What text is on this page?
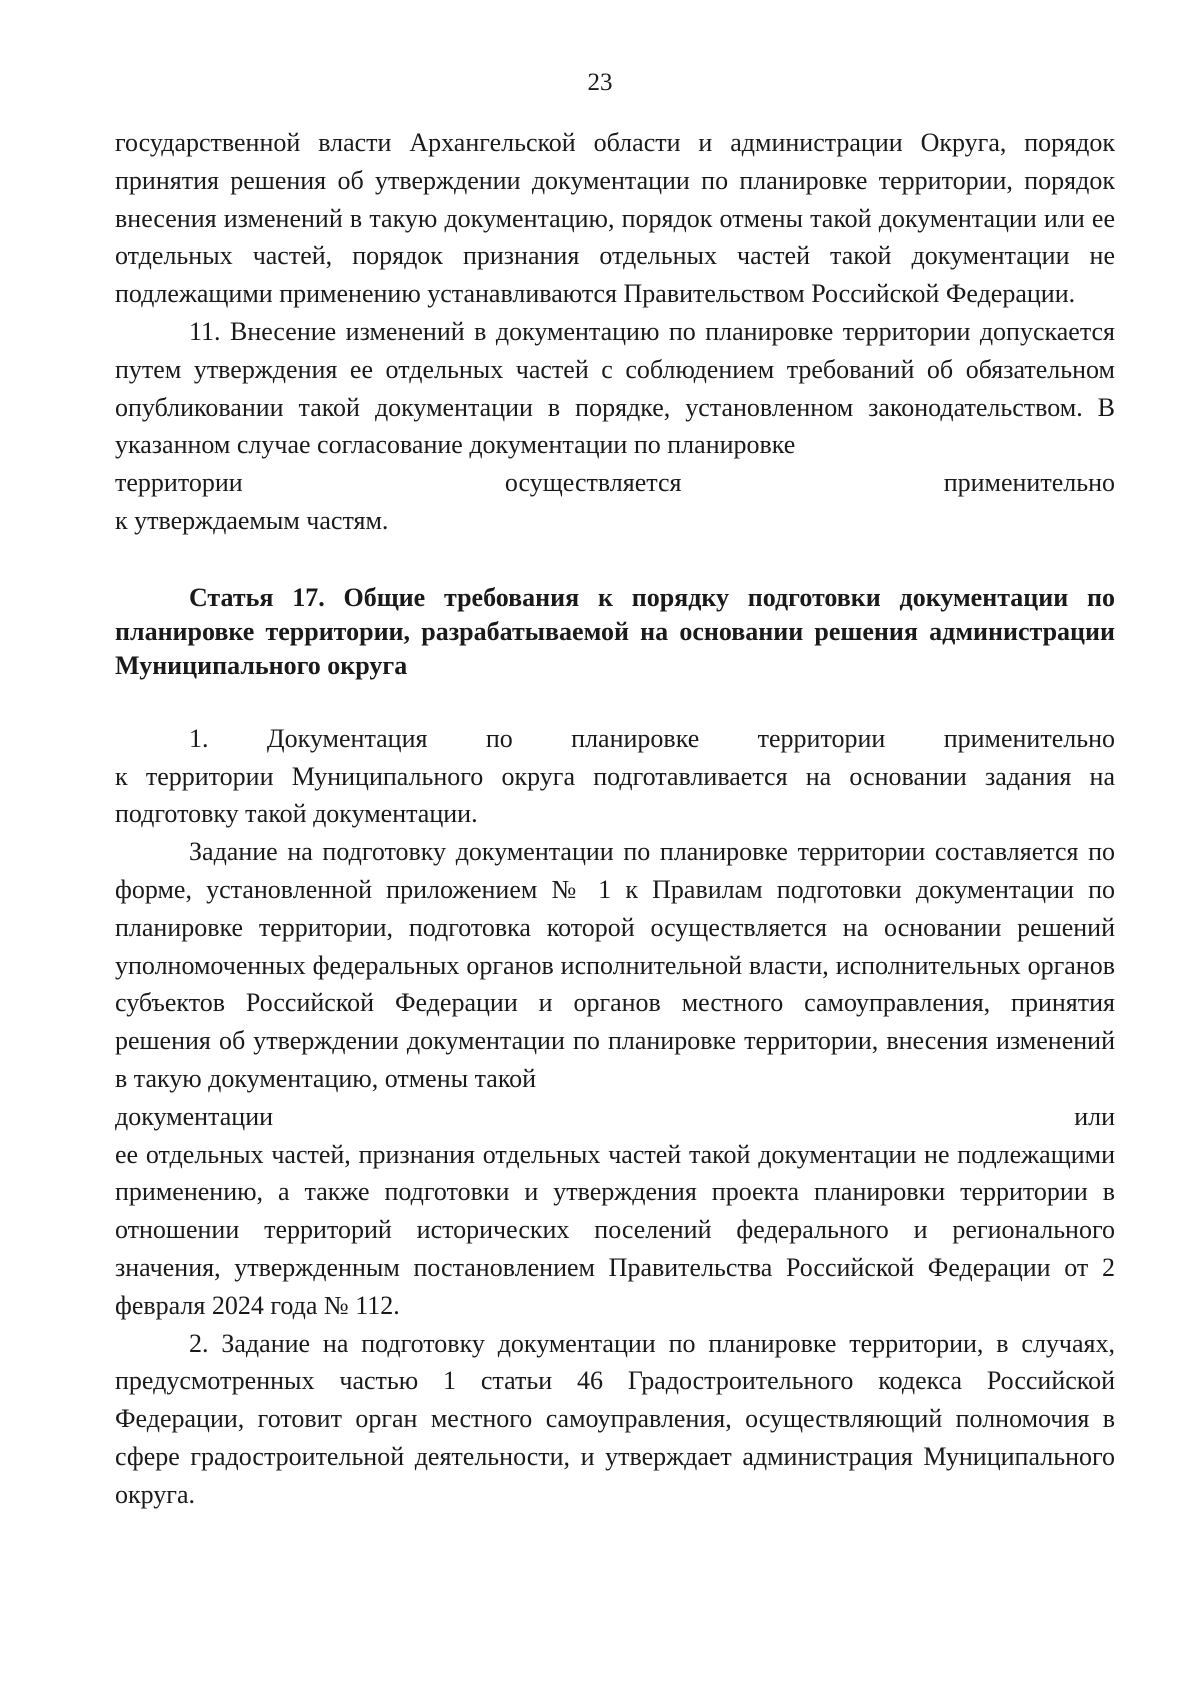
23

государственной власти Архангельской области и администрации Округа, порядок принятия решения об утверждении документации по планировке территории, порядок внесения изменений в такую документацию, порядок отмены такой документации или ее отдельных частей, порядок признания отдельных частей такой документации не подлежащими применению устанавливаются Правительством Российской Федерации.

11. Внесение изменений в документацию по планировке территории допускается путем утверждения ее отдельных частей с соблюдением требований об обязательном опубликовании такой документации в порядке, установленном законодательством. В указанном случае согласование документации по планировке

территории	осуществляется	применительно
к утверждаемым частям.

Статья 17. Общие требования к порядку подготовки документации по планировке территории, разрабатываемой на основании решения администрации Муниципального округа

1. Документация по планировке территории применительно

к территории Муниципального округа подготавливается на основании задания на подготовку такой документации.

Задание на подготовку документации по планировке территории составляется по форме, установленной приложением № 1 к Правилам подготовки документации по планировке территории, подготовка которой осуществляется на основании решений уполномоченных федеральных органов исполнительной власти, исполнительных органов субъектов Российской Федерации и органов местного самоуправления, принятия решения об утверждении документации по планировке территории, внесения изменений в такую документацию, отмены такой

документации	или

ее отдельных частей, признания отдельных частей такой документации не подлежащими применению, а также подготовки и утверждения проекта планировки территории в отношении территорий исторических поселений федерального и регионального значения, утвержденным постановлением Правительства Российской Федерации от 2 февраля 2024 года № 112.

2. Задание на подготовку документации по планировке территории, в случаях, предусмотренных частью 1 статьи 46 Градостроительного кодекса Российской Федерации, готовит орган местного самоуправления, осуществляющий полномочия в сфере градостроительной деятельности, и утверждает администрация Муниципального округа.
